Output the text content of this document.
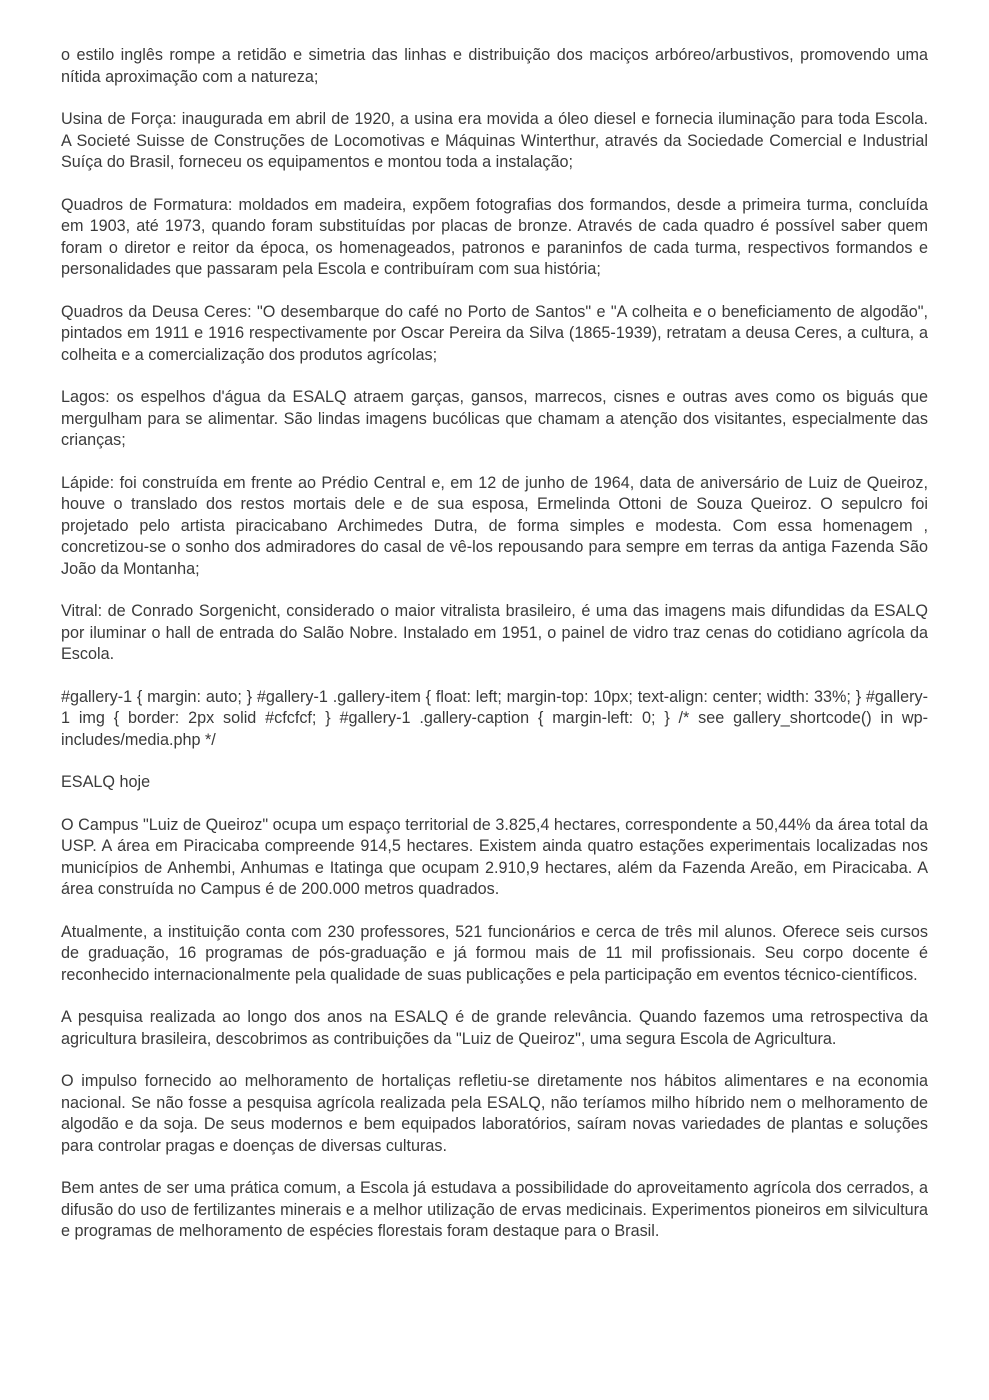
o estilo inglês rompe a retidão e simetria das linhas e distribuição dos maciços arbóreo/arbustivos, promovendo uma nítida aproximação com a natureza;

Usina de Força: inaugurada em abril de 1920, a usina era movida a óleo diesel e fornecia iluminação para toda Escola. A Societé Suisse de Construções de Locomotivas e Máquinas Winterthur, através da Sociedade Comercial e Industrial Suíça do Brasil, forneceu os equipamentos e montou toda a instalação;

Quadros de Formatura: moldados em madeira, expõem fotografias dos formandos, desde a primeira turma, concluída em 1903, até 1973, quando foram substituídas por placas de bronze. Através de cada quadro é possível saber quem foram o diretor e reitor da época, os homenageados, patronos e paraninfos de cada turma, respectivos formandos e personalidades que passaram pela Escola e contribuíram com sua história;

Quadros da Deusa Ceres: "O desembarque do café no Porto de Santos" e "A colheita e o beneficiamento de algodão", pintados em 1911 e 1916 respectivamente por Oscar Pereira da Silva (1865-1939), retratam a deusa Ceres, a cultura, a colheita e a comercialização dos produtos agrícolas;

Lagos: os espelhos d'água da ESALQ atraem garças, gansos, marrecos, cisnes e outras aves como os biguás que mergulham para se alimentar. São lindas imagens bucólicas que chamam a atenção dos visitantes, especialmente das crianças;

Lápide: foi construída em frente ao Prédio Central e, em 12 de junho de 1964, data de aniversário de Luiz de Queiroz, houve o translado dos restos mortais dele e de sua esposa, Ermelinda Ottoni de Souza Queiroz. O sepulcro foi projetado pelo artista piracicabano Archimedes Dutra, de forma simples e modesta. Com essa homenagem , concretizou-se o sonho dos admiradores do casal de vê-los repousando para sempre em terras da antiga Fazenda São João da Montanha;

Vitral: de Conrado Sorgenicht, considerado o maior vitralista brasileiro, é uma das imagens mais difundidas da ESALQ por iluminar o hall de entrada do Salão Nobre. Instalado em 1951, o painel de vidro traz cenas do cotidiano agrícola da Escola.

#gallery-1 { margin: auto; } #gallery-1 .gallery-item { float: left; margin-top: 10px; text-align: center; width: 33%; } #gallery-1 img { border: 2px solid #cfcfcf; } #gallery-1 .gallery-caption { margin-left: 0; } /* see gallery_shortcode() in wp-includes/media.php */

ESALQ hoje

O Campus "Luiz de Queiroz" ocupa um espaço territorial de 3.825,4 hectares, correspondente a 50,44% da área total da USP. A área em Piracicaba compreende 914,5 hectares. Existem ainda quatro estações experimentais localizadas nos municípios de Anhembi, Anhumas e Itatinga que ocupam 2.910,9 hectares, além da Fazenda Areão, em Piracicaba. A área construída no Campus é de 200.000 metros quadrados.

Atualmente, a instituição conta com 230 professores, 521 funcionários e cerca de três mil alunos. Oferece seis cursos de graduação, 16 programas de pós-graduação e já formou mais de 11 mil profissionais. Seu corpo docente é reconhecido internacionalmente pela qualidade de suas publicações e pela participação em eventos técnico-científicos.

A pesquisa realizada ao longo dos anos na ESALQ é de grande relevância. Quando fazemos uma retrospectiva da agricultura brasileira, descobrimos as contribuições da "Luiz de Queiroz", uma segura Escola de Agricultura.

O impulso fornecido ao melhoramento de hortaliças refletiu-se diretamente nos hábitos alimentares e na economia nacional. Se não fosse a pesquisa agrícola realizada pela ESALQ, não teríamos milho híbrido nem o melhoramento de algodão e da soja. De seus modernos e bem equipados laboratórios, saíram novas variedades de plantas e soluções para controlar pragas e doenças de diversas culturas.

Bem antes de ser uma prática comum, a Escola já estudava a possibilidade do aproveitamento agrícola dos cerrados, a difusão do uso de fertilizantes minerais e a melhor utilização de ervas medicinais. Experimentos pioneiros em silvicultura e programas de melhoramento de espécies florestais foram destaque para o Brasil.
